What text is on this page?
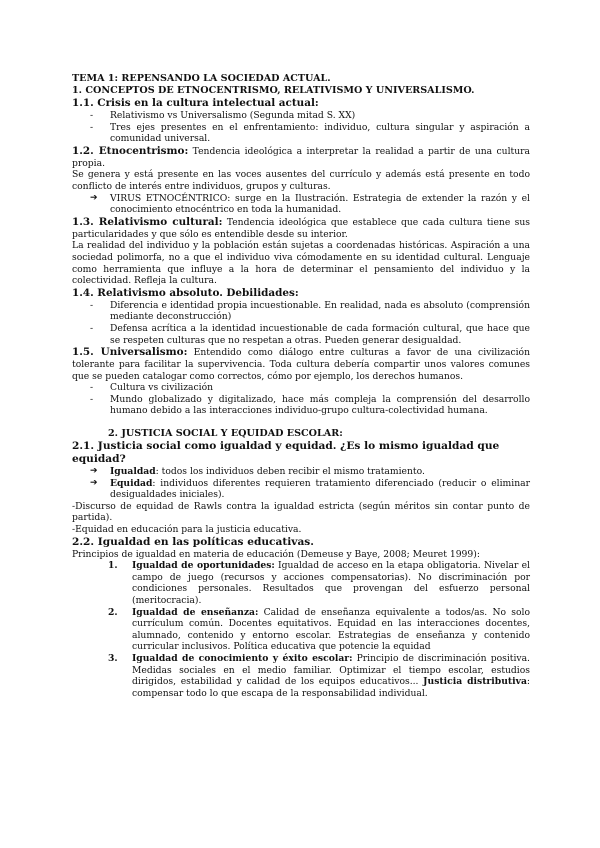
TEMA 1: REPENSANDO LA SOCIEDAD ACTUAL.
1. CONCEPTOS DE ETNOCENTRISMO, RELATIVISMO Y UNIVERSALISMO.
1.1. Crisis en la cultura intelectual actual:
- Relativismo vs Universalismo (Segunda mitad S. XX)
- Tres ejes presentes en el enfrentamiento: individuo, cultura singular y aspiración a comunidad universal.

1.2. Etnocentrismo: Tendencia ideológica a interpretar la realidad a partir de una cultura propia.

Se genera y está presente en las voces ausentes del currículo y además está presente en todo conflicto de interés entre individuos, grupos y culturas.

➔ VIRUS ETNOCÉNTRICO: surge en la Ilustración. Estrategia de extender la razón y el conocimiento etnocéntrico en toda la humanidad.

1.3. Relativismo cultural: Tendencia ideológica que establece que cada cultura tiene sus particularidades y que sólo es entendible desde su interior.

La realidad del individuo y la población están sujetas a coordenadas históricas. Aspiración a una sociedad polimorfa, no a que el individuo viva cómodamente en su identidad cultural. Lenguaje como herramienta que influye a la hora de determinar el pensamiento del individuo y la colectividad. Refleja la cultura.

1.4. Relativismo absoluto. Debilidades:
- Diferencia e identidad propia incuestionable. En realidad, nada es absoluto (comprensión mediante deconstrucción)
- Defensa acrítica a la identidad incuestionable de cada formación cultural, que hace que se respeten culturas que no respetan a otras. Pueden generar desigualdad.

1.5. Universalismo: Entendido como diálogo entre culturas a favor de una civilización tolerante para facilitar la supervivencia. Toda cultura debería compartir unos valores comunes que se pueden catalogar como correctos, cómo por ejemplo, los derechos humanos.

- Cultura vs civilización
- Mundo globalizado y digitalizado, hace más compleja la comprensión del desarrollo humano debido a las interacciones individuo-grupo cultura-colectividad humana.
2. JUSTICIA SOCIAL Y EQUIDAD ESCOLAR:
2.1. Justicia social como igualdad y equidad. ¿Es lo mismo igualdad que equidad?
➔ Igualdad: todos los individuos deben recibir el mismo tratamiento.
➔ Equidad: individuos diferentes requieren tratamiento diferenciado (reducir o eliminar desigualdades iniciales).

-Discurso de equidad de Rawls contra la igualdad estricta (según méritos sin contar punto de partida).

-Equidad en educación para la justicia educativa.

2.2. Igualdad en las políticas educativas.

Principios de igualdad en materia de educación (Demeuse y Baye, 2008; Meuret 1999):

1. Igualdad de oportunidades: Igualdad de acceso en la etapa obligatoria. Nivelar el campo de juego (recursos y acciones compensatorias). No discriminación por condiciones personales. Resultados que provengan del esfuerzo personal (meritocracia).
2. Igualdad de enseñanza: Calidad de enseñanza equivalente a todos/as. No solo currículum común. Docentes equitativos. Equidad en las interacciones docentes, alumnado, contenido y entorno escolar. Estrategias de enseñanza y contenido curricular inclusivos. Política educativa que potencie la equidad
3. Igualdad de conocimiento y éxito escolar: Principio de discriminación positiva. Medidas sociales en el medio familiar. Optimizar el tiempo escolar, estudios dirigidos, estabilidad y calidad de los equipos educativos... Justicia distributiva: compensar todo lo que escapa de la responsabilidad individual.
